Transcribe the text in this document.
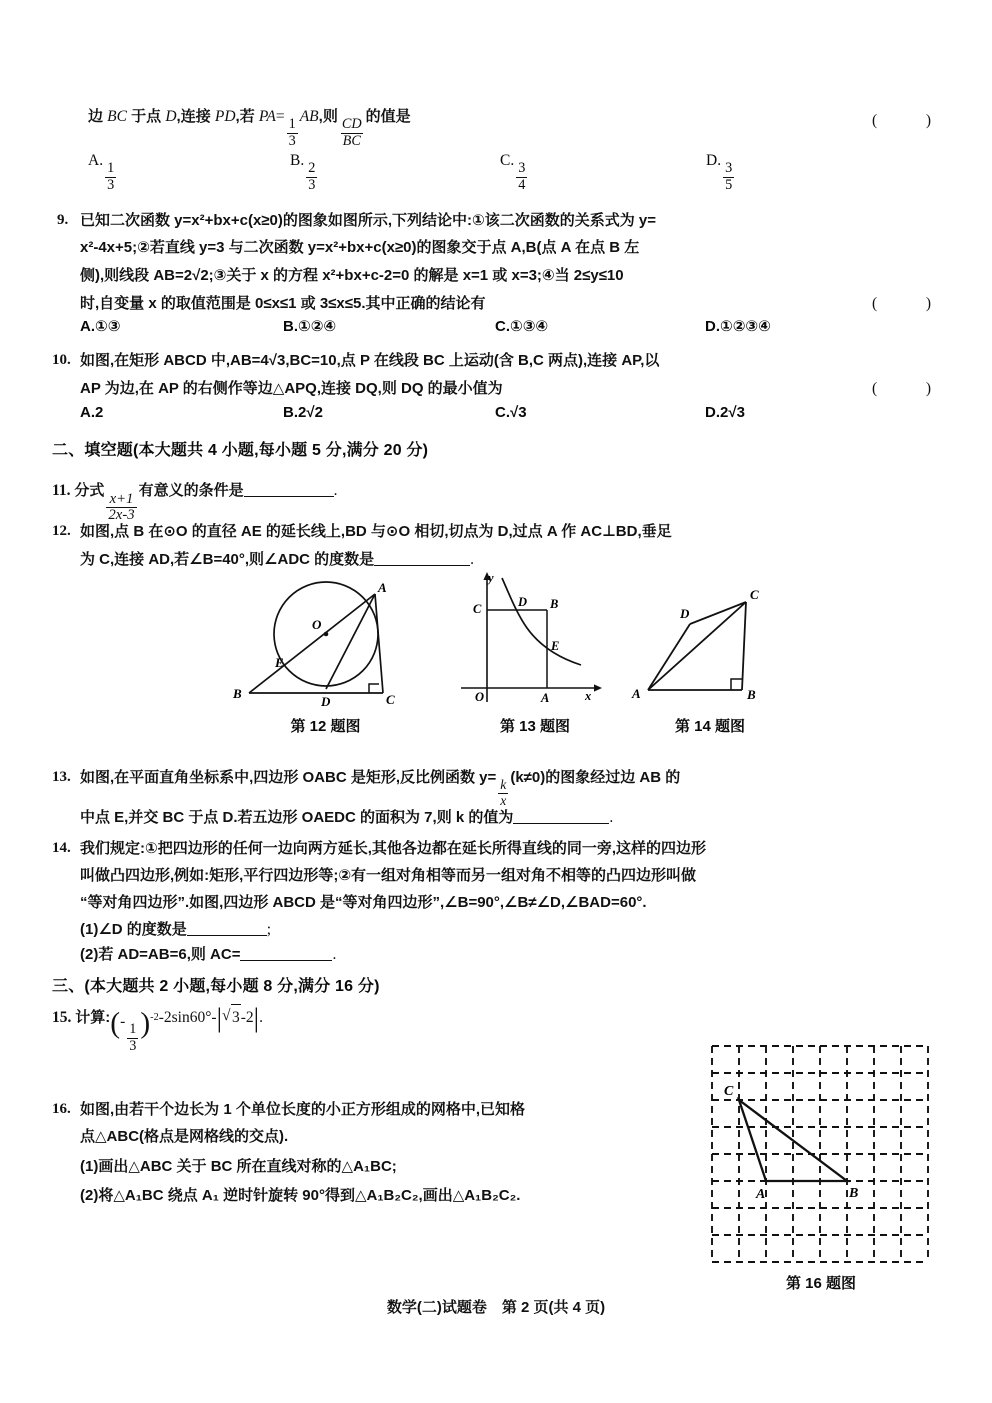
边 BC 于点 D,连接 PD,若 PA=
$\frac{1}{3}$
AB,则
$\frac{CD}{BC}$
的值是	(　　)
A.
$\frac{1}{3}$
B.
$\frac{2}{3}$
C.
$\frac{3}{4}$
D.
$\frac{3}{5}$
9. 已知二次函数 y=x²+bx+c(x≥0)的图象如图所示,下列结论中:①该二次函数的关系式为 y=
x²-4x+5;②若直线 y=3 与二次函数 y=x²+bx+c(x≥0)的图象交于点 A,B(点 A 在点 B 左
侧),则线段 AB=2√2;③关于 x 的方程 x²+bx+c-2=0 的解是 x=1 或 x=3;④当 2≤y≤10
时,自变量 x 的取值范围是 0≤x≤1 或 3≤x≤5.其中正确的结论有	(　　)
A.①③	B.①②④	C.①③④	D.①②③④
10. 如图,在矩形 ABCD 中,AB=4√3,BC=10,点 P 在线段 BC 上运动(含 B,C 两点),连接 AP,以
AP 为边,在 AP 的右侧作等边△APQ,连接 DQ,则 DQ 的最小值为	(　　)
A.2	B.2√2	C.√3	D.2√3
二、填空题(本大题共 4 小题,每小题 5 分,满分 20 分)
11. 分式
$\frac{x+1}{2x-3}$
有意义的条件是	.
12. 如图,点 B 在⊙O 的直径 AE 的延长线上,BD 与⊙O 相切,切点为 D,过点 A 作 AC⊥BD,垂足
为 C,连接 AD,若∠B=40°,则∠ADC 的度数是	.
A
B	C
D
E
O
第 12 题图
y
x
O	A
B
C	D
E
第 13 题图
A	B
C
D
第 14 题图
13. 如图,在平面直角坐标系中,四边形 OABC 是矩形,反比例函数 y=
$\frac{k}{x}$
(k≠0)的图象经过边 AB 的
中点 E,并交 BC 于点 D.若五边形 OAEDC 的面积为 7,则 k 的值为	.
14. 我们规定:①把四边形的任何一边向两方延长,其他各边都在延长所得直线的同一旁,这样的四边形
叫做凸四边形,例如:矩形,平行四边形等;②有一组对角相等而另一组对角不相等的凸四边形叫做
“等对角四边形”.如图,四边形 ABCD 是“等对角四边形”,∠B=90°,∠B≠∠D,∠BAD=60°.
(1)∠D 的度数是	;
(2)若 AD=AB=6,则 AC=	.
三、(本大题共 2 小题,每小题 8 分,满分 16 分)
15. 计算:(-
$\frac{1}{3} )^{-2}-2\sin 60^\circ-|$ √ 3-2|.
16. 如图,由若干个边长为 1 个单位长度的小正方形组成的网格中,已知格
点△ABC(格点是网格线的交点).
(1)画出△ABC 关于 BC 所在直线对称的△A₁BC;
(2)将△A₁BC 绕点 A₁ 逆时针旋转 90°得到△A₁B₂C₂,画出△A₁B₂C₂.	A	B
C
第 16 题图
数学(二)试题卷　第 2 页(共 4 页)
